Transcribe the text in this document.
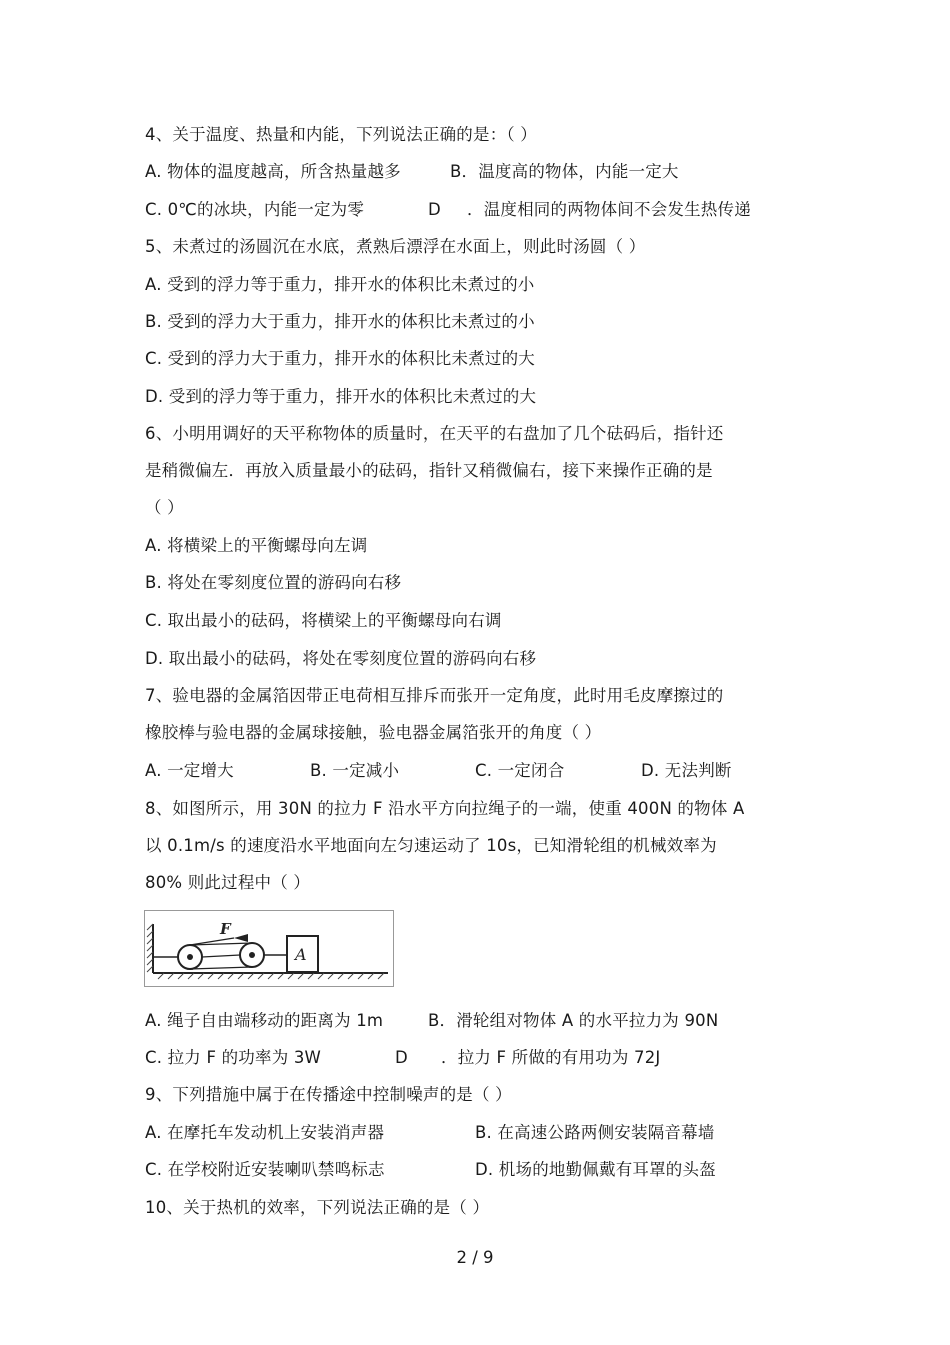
4、关于温度、热量和内能，下列说法正确的是：（ ）
A. 物体的温度越高，所含热量越多	B．温度高的物体，内能一定大
C. 0℃的冰块，内能一定为零	D ．温度相同的两物体间不会发生热传递
5、未煮过的汤圆沉在水底，煮熟后漂浮在水面上，则此时汤圆（ ）
A. 受到的浮力等于重力，排开水的体积比未煮过的小
B. 受到的浮力大于重力，排开水的体积比未煮过的小
C. 受到的浮力大于重力，排开水的体积比未煮过的大
D. 受到的浮力等于重力，排开水的体积比未煮过的大
6、小明用调好的天平称物体的质量时，在天平的右盘加了几个砝码后，指针还
是稍微偏左．再放入质量最小的砝码，指针又稍微偏右，接下来操作正确的是
（ ）
A. 将横梁上的平衡螺母向左调
B. 将处在零刻度位置的游码向右移
C. 取出最小的砝码，将横梁上的平衡螺母向右调
D. 取出最小的砝码，将处在零刻度位置的游码向右移
7、验电器的金属箔因带正电荷相互排斥而张开一定角度，此时用毛皮摩擦过的
橡胶棒与验电器的金属球接触，验电器金属箔张开的角度（ ）
A. 一定增大	B. 一定减小	C. 一定闭合	D. 无法判断
8、如图所示，用 30N 的拉力 F 沿水平方向拉绳子的一端，使重 400N 的物体 A
以 0.1m/s 的速度沿水平地面向左匀速运动了 10s，已知滑轮组的机械效率为
80% 则此过程中（ ）
F
A
A. 绳子自由端移动的距离为 1m	B．滑轮组对物体 A 的水平拉力为 90N
C. 拉力 F 的功率为 3W	D ．拉力 F 所做的有用功为 72J
9、下列措施中属于在传播途中控制噪声的是（ ）
A. 在摩托车发动机上安装消声器	B. 在高速公路两侧安装隔音幕墙
C. 在学校附近安装喇叭禁鸣标志	D. 机场的地勤佩戴有耳罩的头盔
10、关于热机的效率，下列说法正确的是（ ）
2 / 9
